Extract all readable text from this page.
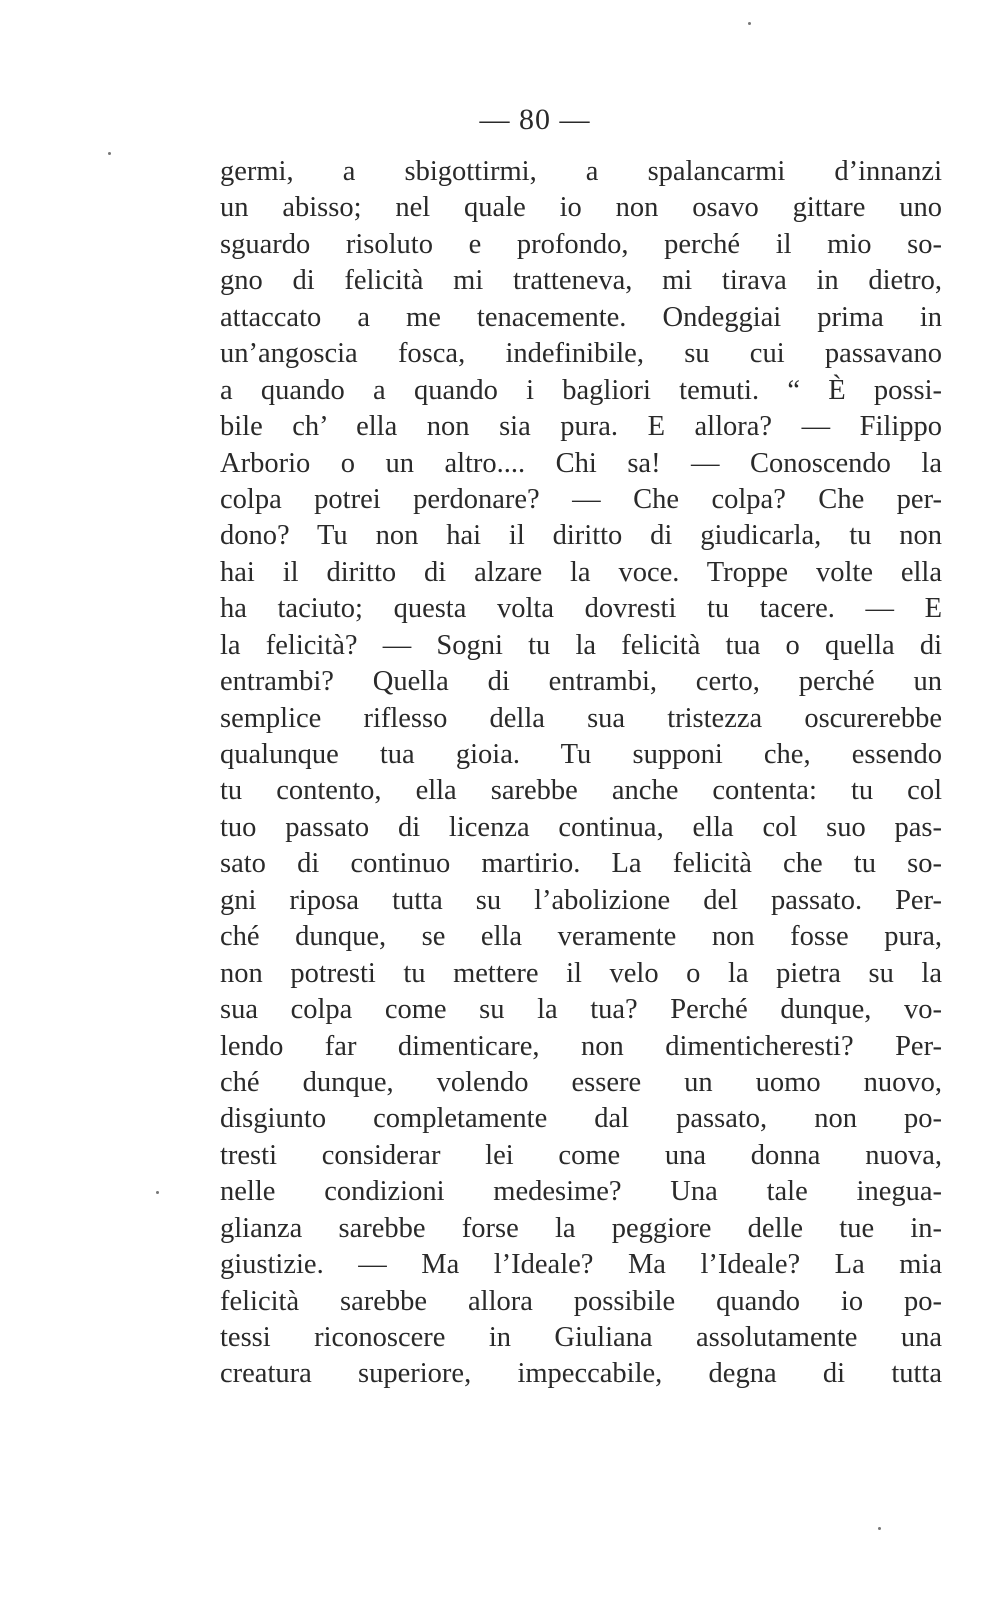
— 80 —
germi, a sbigottirmi, a spalancarmi d’innanzi
un abisso; nel quale io non osavo gittare uno
sguardo risoluto e profondo, perché il mio so-
gno di felicità mi tratteneva, mi tirava in dietro,
attaccato a me tenacemente. Ondeggiai prima in
un’angoscia fosca, indefinibile, su cui passavano
a quando a quando i bagliori temuti. “ È possi-
bile ch’ ella non sia pura. E allora? — Filippo
Arborio o un altro.... Chi sa! — Conoscendo la
colpa potrei perdonare? — Che colpa? Che per-
dono? Tu non hai il diritto di giudicarla, tu non
hai il diritto di alzare la voce. Troppe volte ella
ha taciuto; questa volta dovresti tu tacere. — E
la felicità? — Sogni tu la felicità tua o quella di
entrambi? Quella di entrambi, certo, perché un
semplice riflesso della sua tristezza oscurerebbe
qualunque tua gioia. Tu supponi che, essendo
tu contento, ella sarebbe anche contenta: tu col
tuo passato di licenza continua, ella col suo pas-
sato di continuo martirio. La felicità che tu so-
gni riposa tutta su l’abolizione del passato. Per-
ché dunque, se ella veramente non fosse pura,
non potresti tu mettere il velo o la pietra su la
sua colpa come su la tua? Perché dunque, vo-
lendo far dimenticare, non dimenticheresti? Per-
ché dunque, volendo essere un uomo nuovo,
disgiunto completamente dal passato, non po-
tresti considerar lei come una donna nuova,
nelle condizioni medesime? Una tale inegua-
glianza sarebbe forse la peggiore delle tue in-
giustizie. — Ma l’Ideale? Ma l’Ideale? La mia
felicità sarebbe allora possibile quando io po-
tessi riconoscere in Giuliana assolutamente una
creatura superiore, impeccabile, degna di tutta
